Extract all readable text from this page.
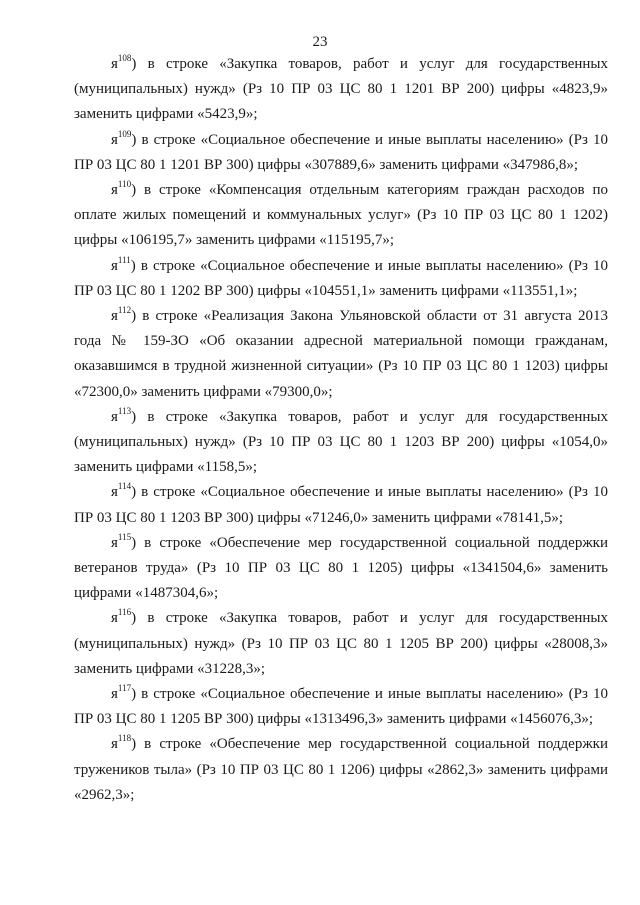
23

$я^{108}$) в строке «Закупка товаров, работ и услуг для государственных (муниципальных) нужд» (Рз 10 ПР 03 ЦС 80 1 1201 ВР 200) цифры «4823,9» заменить цифрами «5423,9»;

$я^{109}$) в строке «Социальное обеспечение и иные выплаты населению» (Рз 10 ПР 03 ЦС 80 1 1201 ВР 300) цифры «307889,6» заменить цифрами «347986,8»;

$я^{110}$) в строке «Компенсация отдельным категориям граждан расходов по оплате жилых помещений и коммунальных услуг» (Рз 10 ПР 03 ЦС 80 1 1202) цифры «106195,7» заменить цифрами «115195,7»;

$я^{111}$) в строке «Социальное обеспечение и иные выплаты населению» (Рз 10 ПР 03 ЦС 80 1 1202 ВР 300) цифры «104551,1» заменить цифрами «113551,1»;

$я^{112}$) в строке «Реализация Закона Ульяновской области от 31 августа 2013 года № 159-ЗО «Об оказании адресной материальной помощи гражданам, оказавшимся в трудной жизненной ситуации» (Рз 10 ПР 03 ЦС 80 1 1203) цифры «72300,0» заменить цифрами «79300,0»;

$я^{113}$) в строке «Закупка товаров, работ и услуг для государственных (муниципальных) нужд» (Рз 10 ПР 03 ЦС 80 1 1203 ВР 200) цифры «1054,0» заменить цифрами «1158,5»;

$я^{114}$) в строке «Социальное обеспечение и иные выплаты населению» (Рз 10 ПР 03 ЦС 80 1 1203 ВР 300) цифры «71246,0» заменить цифрами «78141,5»;

$я^{115}$) в строке «Обеспечение мер государственной социальной поддержки ветеранов труда» (Рз 10 ПР 03 ЦС 80 1 1205) цифры «1341504,6» заменить цифрами «1487304,6»;

$я^{116}$) в строке «Закупка товаров, работ и услуг для государственных (муниципальных) нужд» (Рз 10 ПР 03 ЦС 80 1 1205 ВР 200) цифры «28008,3» заменить цифрами «31228,3»;

$я^{117}$) в строке «Социальное обеспечение и иные выплаты населению» (Рз 10 ПР 03 ЦС 80 1 1205 ВР 300) цифры «1313496,3» заменить цифрами «1456076,3»;

$я^{118}$) в строке «Обеспечение мер государственной социальной поддержки тружеников тыла» (Рз 10 ПР 03 ЦС 80 1 1206) цифры «2862,3» заменить цифрами «2962,3»;
